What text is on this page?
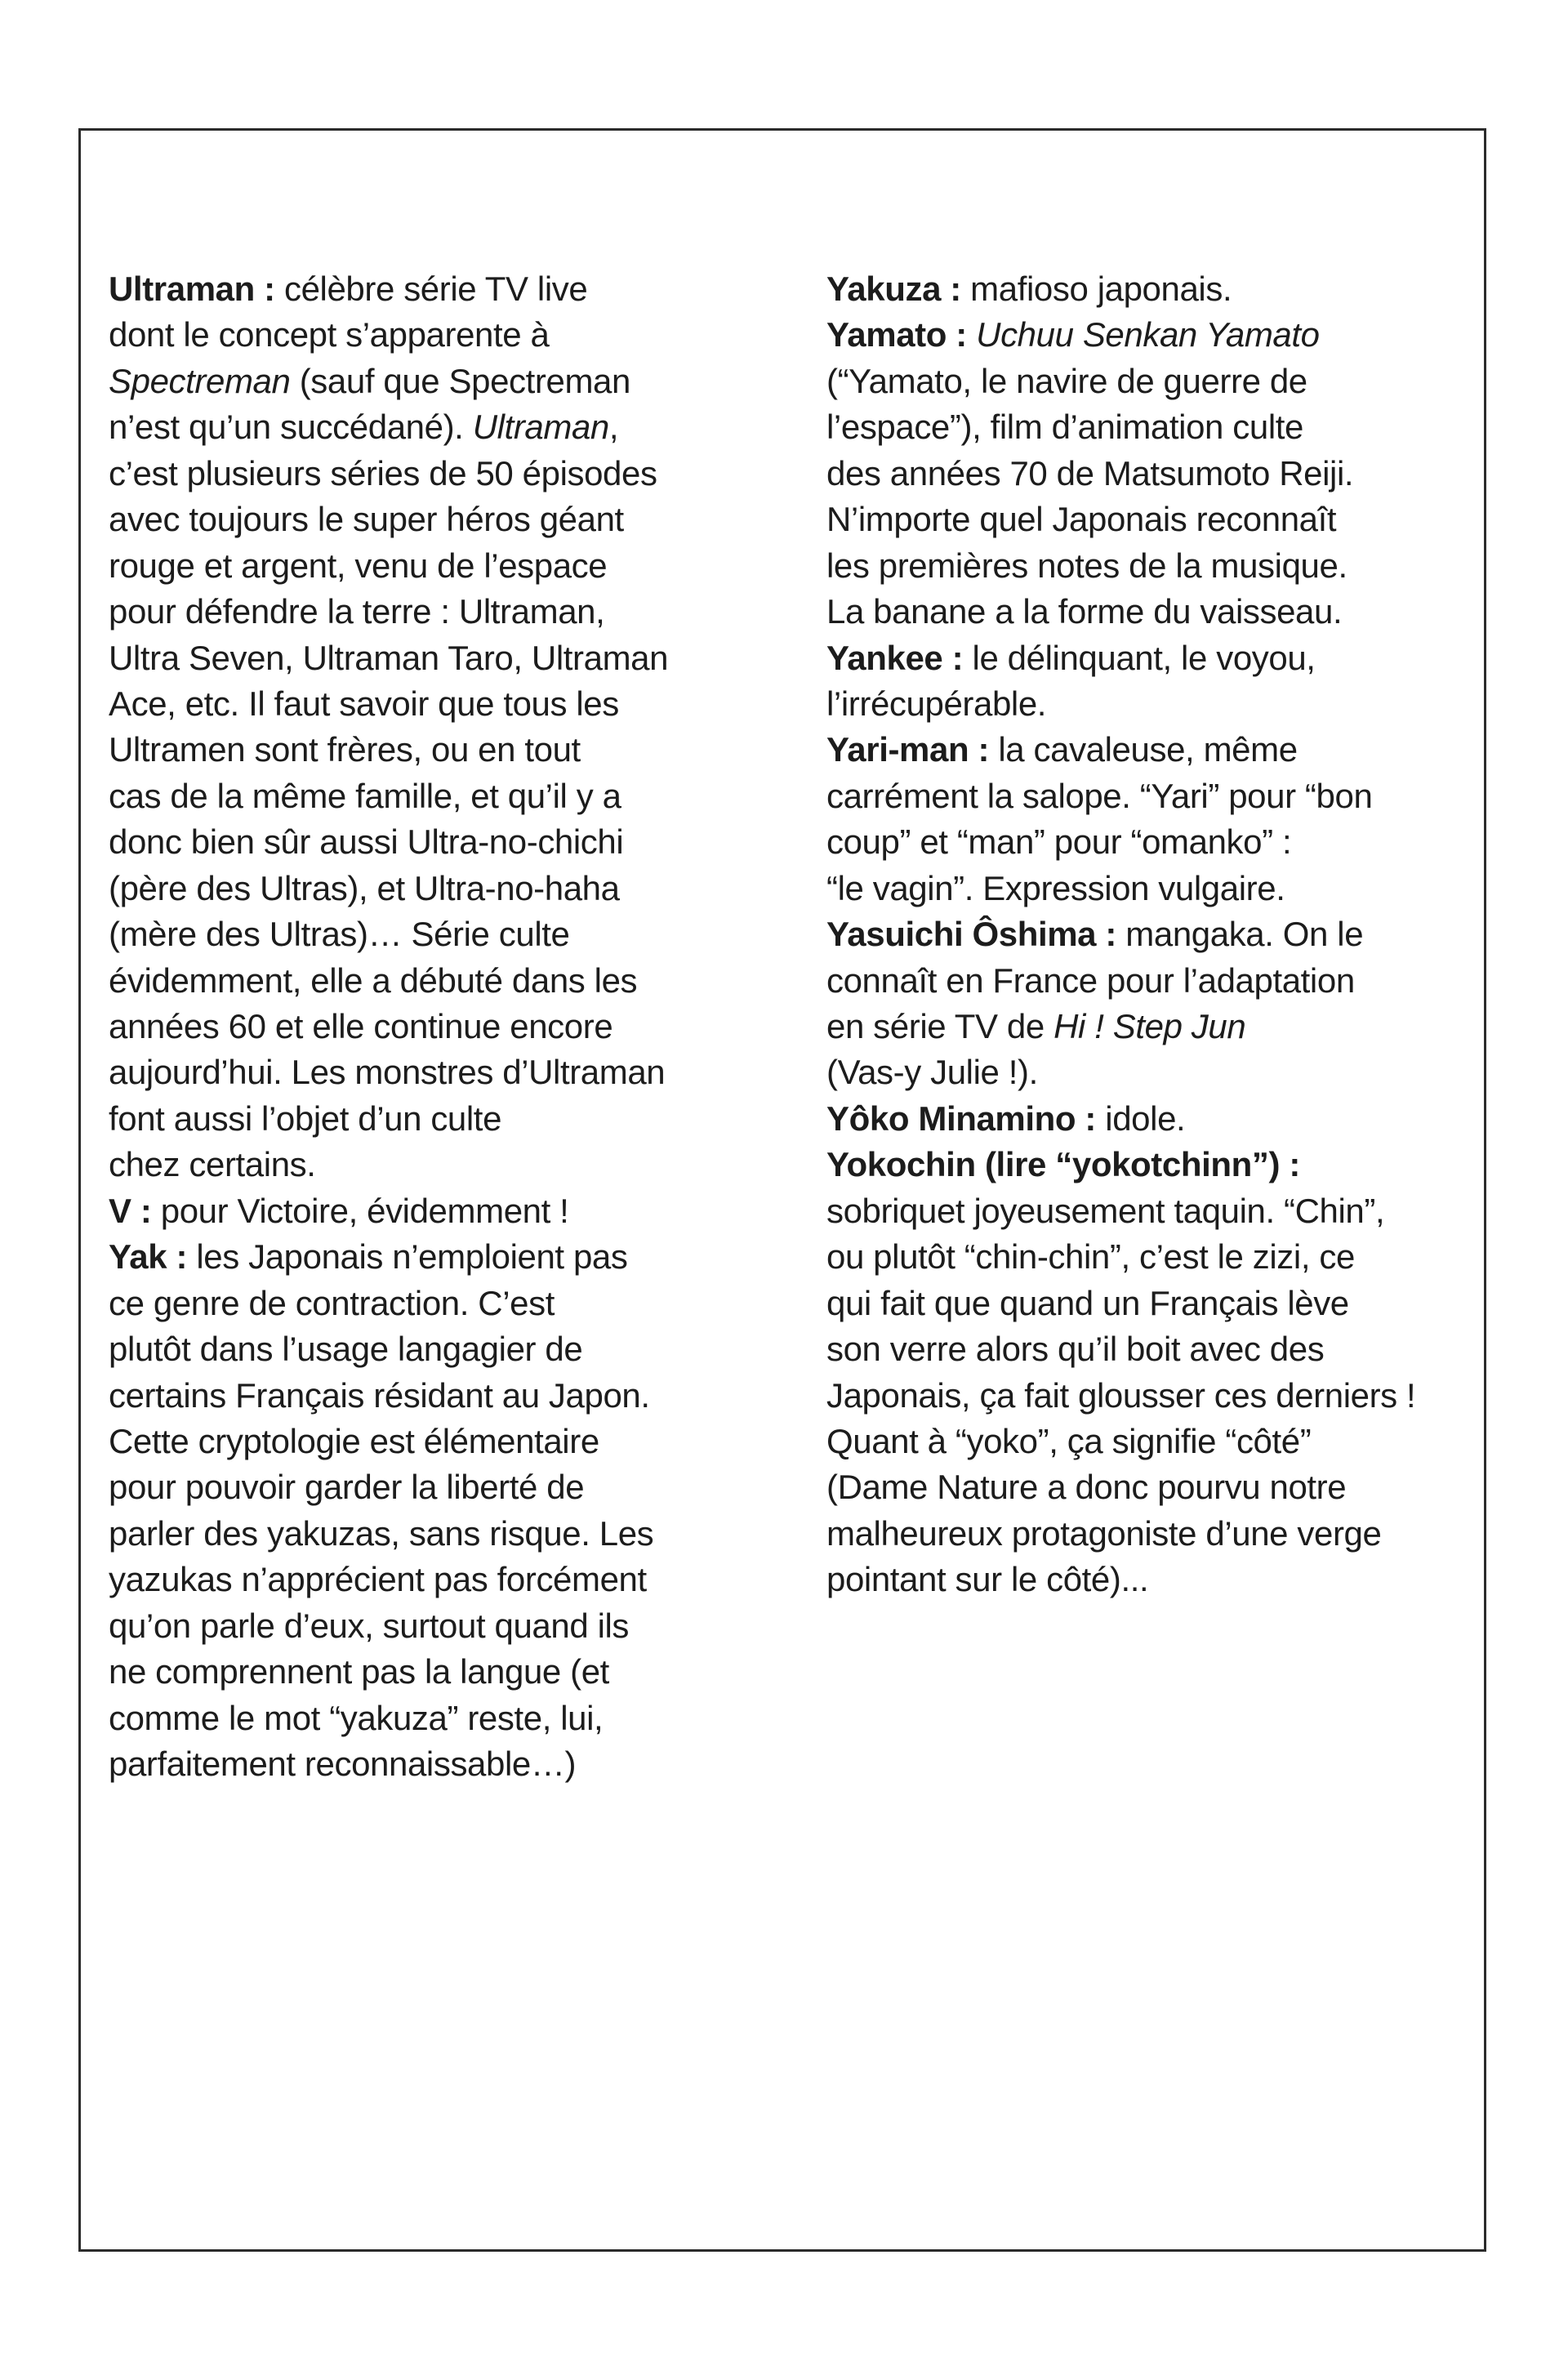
Ultraman : célèbre série TV live
dont le concept s’apparente à
Spectreman (sauf que Spectreman
n’est qu’un succédané). Ultraman,
c’est plusieurs séries de 50 épisodes
avec toujours le super héros géant
rouge et argent, venu de l’espace
pour défendre la terre : Ultraman,
Ultra Seven, Ultraman Taro, Ultraman
Ace, etc. Il faut savoir que tous les
Ultramen sont frères, ou en tout
cas de la même famille, et qu’il y a
donc bien sûr aussi Ultra-no-chichi
(père des Ultras), et Ultra-no-haha
(mère des Ultras)… Série culte
évidemment, elle a débuté dans les
années 60 et elle continue encore
aujourd’hui. Les monstres d’Ultraman
font aussi l’objet d’un culte
chez certains.
V : pour Victoire, évidemment !
Yak : les Japonais n’emploient pas
ce genre de contraction. C’est
plutôt dans l’usage langagier de
certains Français résidant au Japon.
Cette cryptologie est élémentaire
pour pouvoir garder la liberté de
parler des yakuzas, sans risque. Les
yazukas n’apprécient pas forcément
qu’on parle d’eux, surtout quand ils
ne comprennent pas la langue (et
comme le mot “yakuza” reste, lui,
parfaitement reconnaissable…)
Yakuza : mafioso japonais.
Yamato : Uchuu Senkan Yamato
(“Yamato, le navire de guerre de
l’espace”), film d’animation culte
des années 70 de Matsumoto Reiji.
N’importe quel Japonais reconnaît
les premières notes de la musique.
La banane a la forme du vaisseau.
Yankee : le délinquant, le voyou,
l’irrécupérable.
Yari-man : la cavaleuse, même
carrément la salope. “Yari” pour “bon
coup” et “man” pour “omanko” :
“le vagin”. Expression vulgaire.
Yasuichi Ôshima : mangaka. On le
connaît en France pour l’adaptation
en série TV de Hi ! Step Jun
(Vas-y Julie !).
Yôko Minamino : idole.
Yokochin (lire “yokotchinn”) :
sobriquet joyeusement taquin. “Chin”,
ou plutôt “chin-chin”, c’est le zizi, ce
qui fait que quand un Français lève
son verre alors qu’il boit avec des
Japonais, ça fait glousser ces derniers !
Quant à “yoko”, ça signifie “côté”
(Dame Nature a donc pourvu notre
malheureux protagoniste d’une verge
pointant sur le côté)...
